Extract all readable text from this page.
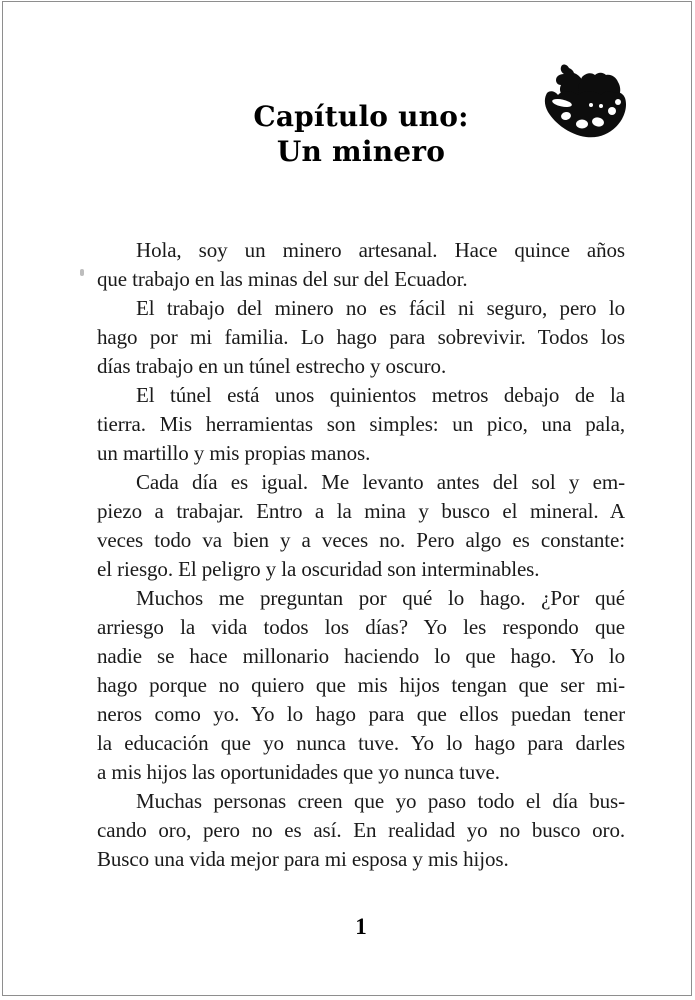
Capítulo uno:
Un minero
Hola, soy un minero artesanal. Hace quince años
que trabajo en las minas del sur del Ecuador.
El trabajo del minero no es fácil ni seguro, pero lo
hago por mi familia. Lo hago para sobrevivir. Todos los
días trabajo en un túnel estrecho y oscuro.
El túnel está unos quinientos metros debajo de la
tierra. Mis herramientas son simples: un pico, una pala,
un martillo y mis propias manos.
Cada día es igual. Me levanto antes del sol y em-
piezo a trabajar. Entro a la mina y busco el mineral. A
veces todo va bien y a veces no. Pero algo es constante:
el riesgo. El peligro y la oscuridad son interminables.
Muchos me preguntan por qué lo hago. ¿Por qué
arriesgo la vida todos los días? Yo les respondo que
nadie se hace millonario haciendo lo que hago. Yo lo
hago porque no quiero que mis hijos tengan que ser mi-
neros como yo. Yo lo hago para que ellos puedan tener
la educación que yo nunca tuve. Yo lo hago para darles
a mis hijos las oportunidades que yo nunca tuve.
Muchas personas creen que yo paso todo el día bus-
cando oro, pero no es así. En realidad yo no busco oro.
Busco una vida mejor para mi esposa y mis hijos.
1
